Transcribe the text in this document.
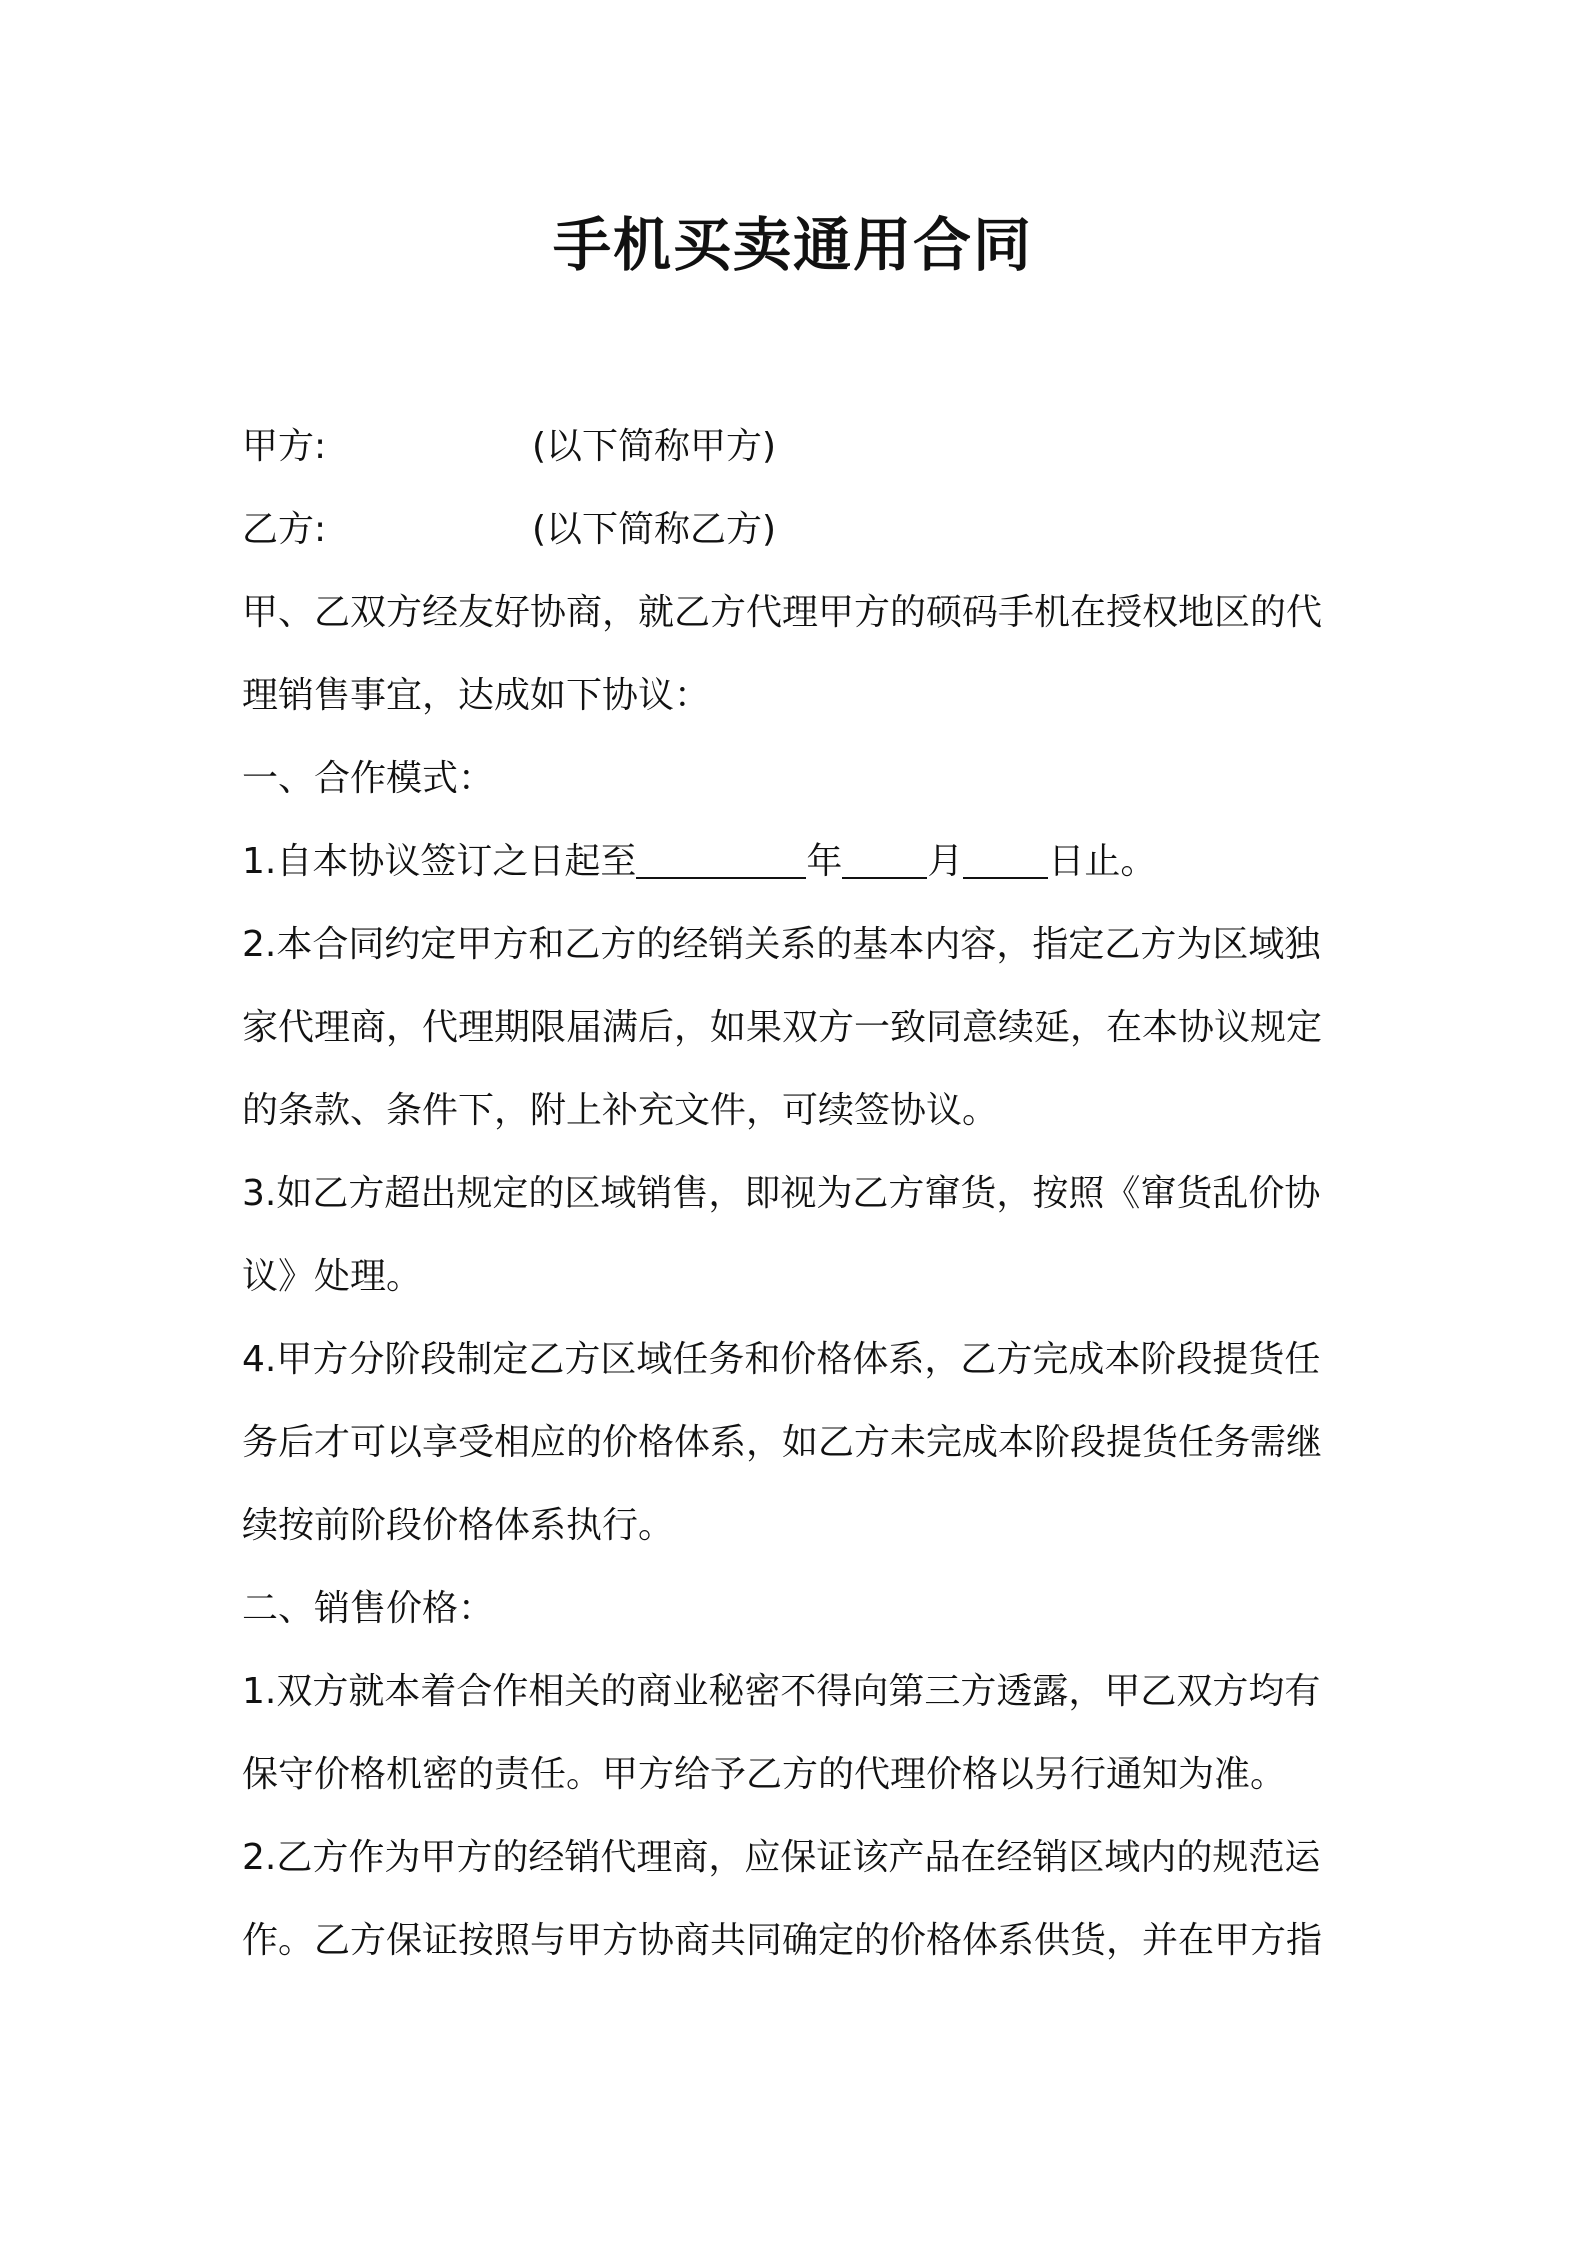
手机买卖通用合同
甲方:	(以下简称甲方)
乙方:	(以下简称乙方)

甲、乙双方经友好协商，就乙方代理甲方的硕码手机在授权地区的代
理销售事宜，达成如下协议：

一、合作模式：

1.自本协议签订之日起至	年 月 日止。

2.本合同约定甲方和乙方的经销关系的基本内容，指定乙方为区域独
家代理商，代理期限届满后，如果双方一致同意续延，在本协议规定
的条款、条件下，附上补充文件，可续签协议。

3.如乙方超出规定的区域销售，即视为乙方窜货，按照《窜货乱价协
议》处理。

4.甲方分阶段制定乙方区域任务和价格体系，乙方完成本阶段提货任
务后才可以享受相应的价格体系，如乙方未完成本阶段提货任务需继
续按前阶段价格体系执行。

二、销售价格：

1.双方就本着合作相关的商业秘密不得向第三方透露，甲乙双方均有
保守价格机密的责任。甲方给予乙方的代理价格以另行通知为准。

2.乙方作为甲方的经销代理商，应保证该产品在经销区域内的规范运
作。乙方保证按照与甲方协商共同确定的价格体系供货，并在甲方指
